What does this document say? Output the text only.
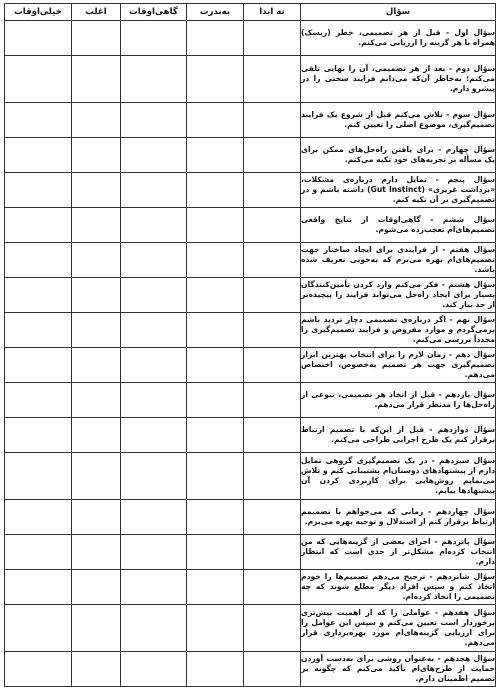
سؤال	نه ابدا	به‌ندرت	گاهی‌اوقات	اغلب	خیلی‌اوقات
سؤال اول - قبل از هر تصمیمی، خطر (ریسک) همراه با هر گزینه را ارزیابی می‌کنم.					
سؤال دوم - بعد از هر تصمیمی، آن را نهایی تلقی می‌کنم؛ به‌خاطر آن‌که می‌دانم فرایند سختی را در پیشرو دارم.					
سؤال سوم - تلاش می‌کنم قبل از شروع یک فرایند تصمیم‌گیری، موضوع اصلی را تعیین کنم.					
سؤال چهارم - برای یافتن راه‌حل‌های ممکن برای یک مسأله بر تجربه‌های خود تکیه می‌کنم.					
سؤال پنجم - تمایل دارم درباره‌ی مشکلات، «برداشت غریزی» (Gut Instinct) داشته باشم و در تصمیم‌گیری بر آن تکیه کنم.					
سؤال ششم - گاهی‌اوقات از نتایج واقعی تصمیم‌های‌ام تعجب‌زده می‌شوم.					
سؤال هفتم - از فرایندی برای ایجاد ساختار جهت تصمیم‌های‌ام بهره می‌برم که به‌خوبی تعریف شده باشد.					
سؤال هشتم - فکر می‌کنم وارد کردن تأمین‌کنندگان بسیار برای ایجاد راه‌حل می‌تواند فرایند را پیچیده‌تر از حد نیاز کند.					
سؤال نهم - اگر درباره‌ی تصمیمی دچار تردید باشم برمی‌گردم و موارد مفروض و فرایند تصمیم‌گیری را مجدداً بررسی می‌کنم.					
سؤال دهم - زمان لازم را برای انتخاب بهترین ابزار تصمیم‌گیری جهت هر تصمیم به‌خصوص، اختصاص می‌دهم.					
سؤال یازدهم - قبل از اتخاذ هر تصمیمی، تنوعی از راه‌حل‌ها را مدنظر قرار می‌دهم.					
سؤال دوازدهم - قبل از این‌که با تصمیم ارتباط برقرار کنم یک طرح اجرایی طراحی می‌کنم.					
سؤال سیزدهم - در یک تصمیم‌گیری گروهی تمایل دارم از پیشنهادهای دوستان‌ام پشتیبانی کنم و تلاش می‌نمایم روش‌هایی برای کاربردی کردن آن پیشنهادها بیابم.					
سؤال چهاردهم - زمانی که می‌خواهم با تصمیمم ارتباط برقرار کنم از استدلال و توجیه بهره می‌برم.					
سؤال پانزدهم - اجرای بعضی از گزینه‌هایی که من انتخاب کرده‌ام مشکل‌تر از حدی است که انتظار دارم.					
سؤال شانزدهم - ترجیح می‌دهم تصمیم‌ها را خودم اتخاذ کنم و سپس افراد دیگر مطلع شوند که چه تصمیمی را اتخاذ کرده‌ام.					
سؤال هفدهم - عواملی را که از اهمیت بیش‌تری برخوردار است تعیین می‌کنم و سپس این عوامل را برای ارزیابی گزینه‌های‌ام مورد بهره‌برداری قرار می‌دهم.					
سؤال هجدهم - به‌عنوان روشی برای به‌دست آوردن حمایت از طرح‌های‌ام تأکید می‌کنم که چگونه بر تصمیم اطمینان دارم.					
